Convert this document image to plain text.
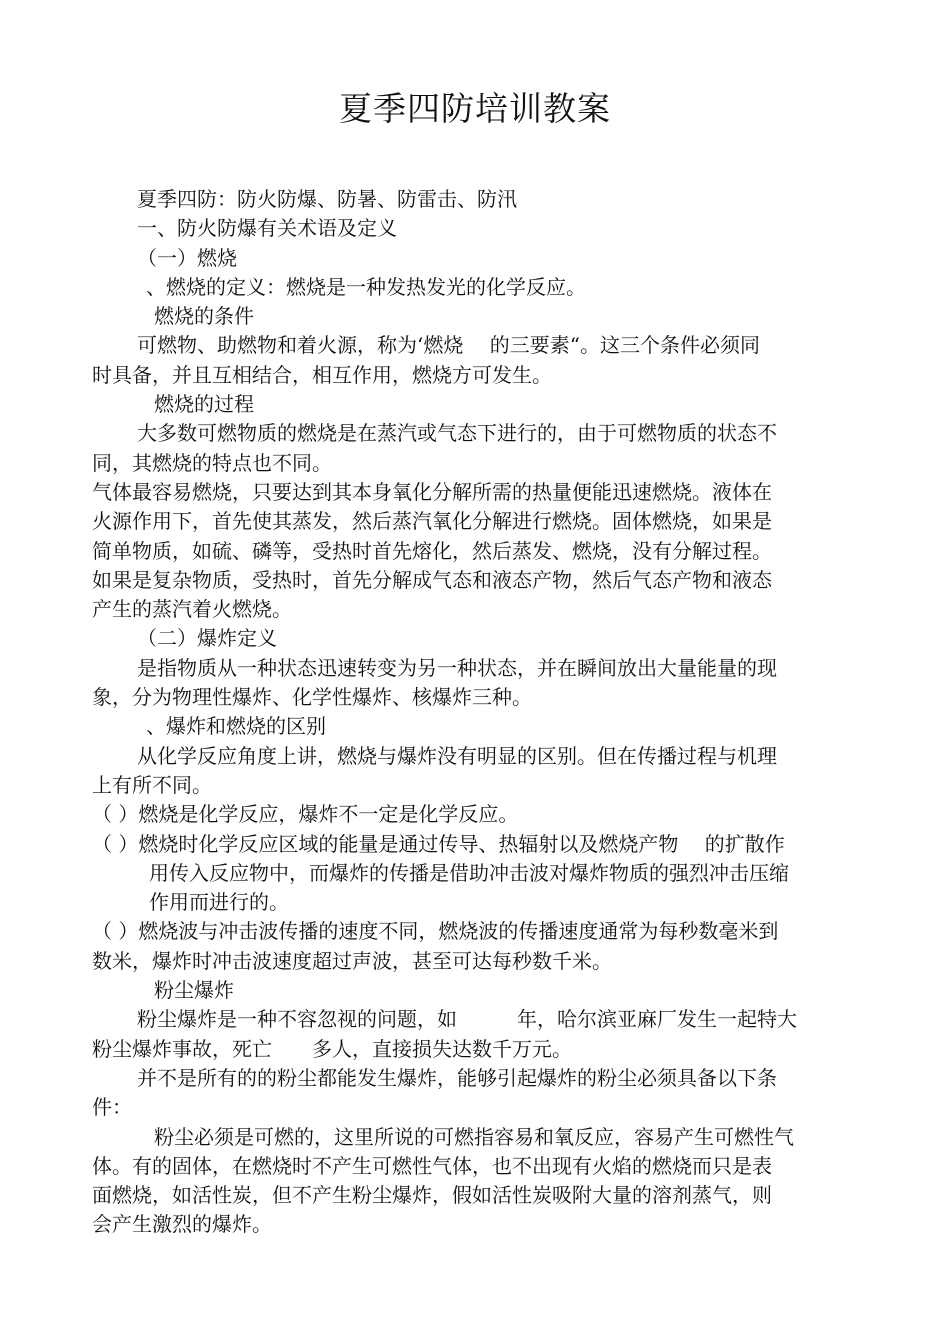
夏季四防培训教案
夏季四防：防火防爆、防暑、防雷击、防汛
一、防火防爆有关术语及定义
（一）燃烧
、燃烧的定义：燃烧是一种发热发光的化学反应。
燃烧的条件
可燃物、助燃物和着火源，称为‘燃烧　 的三要素“。这三个条件必须同
时具备，并且互相结合，相互作用，燃烧方可发生。
燃烧的过程
大多数可燃物质的燃烧是在蒸汽或气态下进行的，由于可燃物质的状态不
同，其燃烧的特点也不同。
气体最容易燃烧，只要达到其本身氧化分解所需的热量便能迅速燃烧。液体在
火源作用下，首先使其蒸发，然后蒸汽氧化分解进行燃烧。固体燃烧，如果是
简单物质，如硫、磷等，受热时首先熔化，然后蒸发、燃烧，没有分解过程。
如果是复杂物质，受热时，首先分解成气态和液态产物，然后气态产物和液态
产生的蒸汽着火燃烧。
（二）爆炸定义
是指物质从一种状态迅速转变为另一种状态，并在瞬间放出大量能量的现
象，分为物理性爆炸、化学性爆炸、核爆炸三种。
、爆炸和燃烧的区别
从化学反应角度上讲，燃烧与爆炸没有明显的区别。但在传播过程与机理
上有所不同。
（ ）燃烧是化学反应，爆炸不一定是化学反应。
（ ）燃烧时化学反应区域的能量是通过传导、热辐射以及燃烧产物　 的扩散作
用传入反应物中，而爆炸的传播是借助冲击波对爆炸物质的强烈冲击压缩
作用而进行的。
（ ）燃烧波与冲击波传播的速度不同，燃烧波的传播速度通常为每秒数毫米到
数米，爆炸时冲击波速度超过声波，甚至可达每秒数千米。
粉尘爆炸
粉尘爆炸是一种不容忽视的问题，如　　　年，哈尔滨亚麻厂发生一起特大
粉尘爆炸事故，死亡　　多人，直接损失达数千万元。
并不是所有的的粉尘都能发生爆炸，能够引起爆炸的粉尘必须具备以下条
件：
粉尘必须是可燃的，这里所说的可燃指容易和氧反应，容易产生可燃性气
体。有的固体，在燃烧时不产生可燃性气体，也不出现有火焰的燃烧而只是表
面燃烧，如活性炭，但不产生粉尘爆炸，假如活性炭吸附大量的溶剂蒸气，则
会产生激烈的爆炸。
